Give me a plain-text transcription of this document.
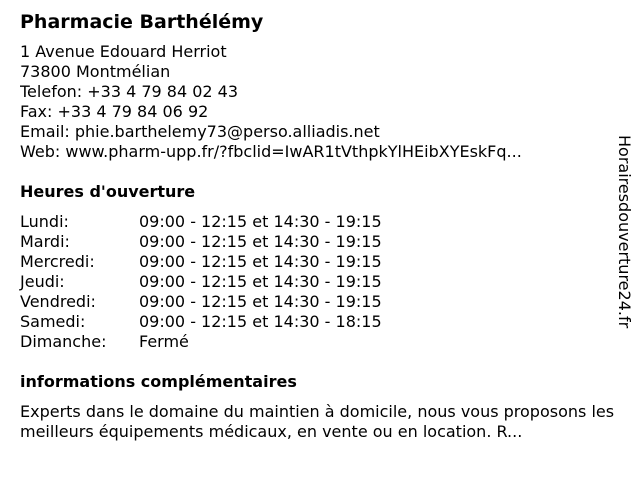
Pharmacie Barthélémy
1 Avenue Edouard Herriot
73800 Montmélian
Telefon: +33 4 79 84 02 43
Fax: +33 4 79 84 06 92
Email: phie.barthelemy73@perso.alliadis.net
Web: www.pharm-upp.fr/?fbclid=IwAR1tVthpkYlHEibXYEskFq...
Heures d'ouverture
Lundi:	09:00 - 12:15 et 14:30 - 19:15
Mardi:	09:00 - 12:15 et 14:30 - 19:15
Mercredi:	09:00 - 12:15 et 14:30 - 19:15
Jeudi:	09:00 - 12:15 et 14:30 - 19:15
Vendredi:	09:00 - 12:15 et 14:30 - 19:15
Samedi:	09:00 - 12:15 et 14:30 - 18:15
Dimanche:	Fermé
informations complémentaires
Experts dans le domaine du maintien à domicile, nous vous proposons les meilleurs équipements médicaux, en vente ou en location. R...
Horairesdouverture24.fr
